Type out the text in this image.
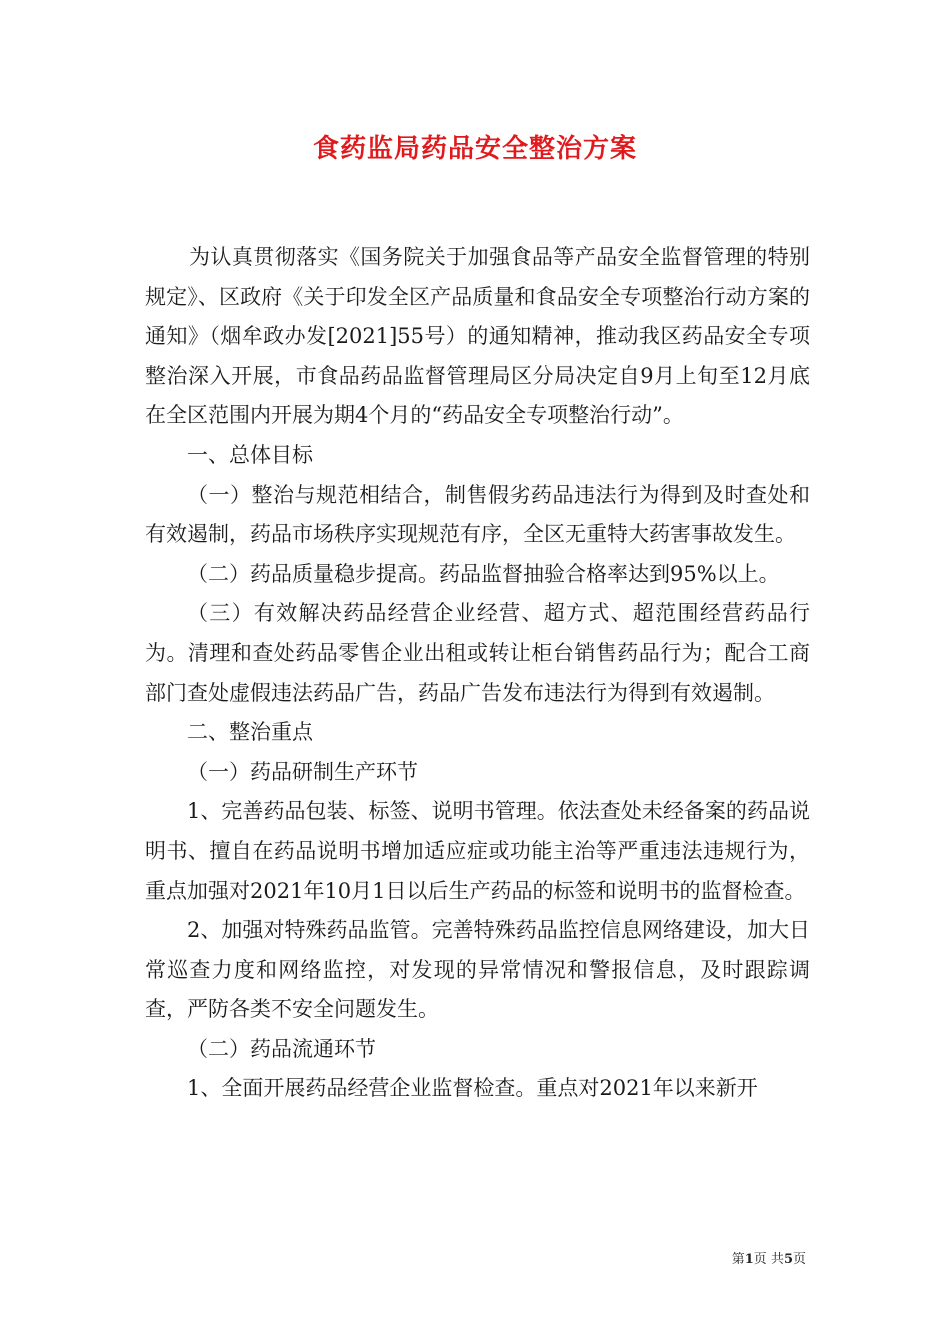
食药监局药品安全整治方案

为认真贯彻落实《国务院关于加强食品等产品安全监督管理的特别规定》、区政府《关于印发全区产品质量和食品安全专项整治行动方案的通知》（烟牟政办发[2021]55号）的通知精神，推动我区药品安全专项整治深入开展，市食品药品监督管理局区分局决定自9月上旬至12月底在全区范围内开展为期4个月的“药品安全专项整治行动”。

一、总体目标

（一）整治与规范相结合，制售假劣药品违法行为得到及时查处和有效遏制，药品市场秩序实现规范有序，全区无重特大药害事故发生。

（二）药品质量稳步提高。药品监督抽验合格率达到95%以上。

（三）有效解决药品经营企业经营、超方式、超范围经营药品行为。清理和查处药品零售企业出租或转让柜台销售药品行为；配合工商部门查处虚假违法药品广告，药品广告发布违法行为得到有效遏制。

二、整治重点

（一）药品研制生产环节

1、完善药品包装、标签、说明书管理。依法查处未经备案的药品说明书、擅自在药品说明书增加适应症或功能主治等严重违法违规行为，重点加强对2021年10月1日以后生产药品的标签和说明书的监督检查。

2、加强对特殊药品监管。完善特殊药品监控信息网络建设，加大日常巡查力度和网络监控，对发现的异常情况和警报信息，及时跟踪调查，严防各类不安全问题发生。

（二）药品流通环节

1、全面开展药品经营企业监督检查。重点对2021年以来新开

第1页 共5页
